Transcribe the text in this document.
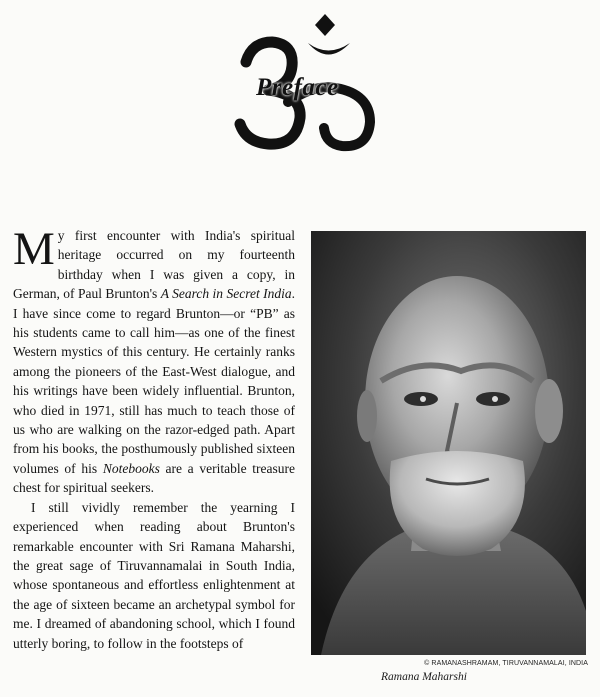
Preface

My first encounter with India's spiritual heritage occurred on my fourteenth birthday when I was given a copy, in German, of Paul Brunton's A Search in Secret India. I have since come to regard Brunton—or “PB” as his students came to call him—as one of the finest Western mystics of this century. He certainly ranks among the pioneers of the East-West dialogue, and his writings have been widely influential. Brunton, who died in 1971, still has much to teach those of us who are walking on the razor-edged path. Apart from his books, the posthumously published sixteen volumes of his Notebooks are a veritable treasure chest for spiritual seekers.

I still vividly remember the yearning I experienced when reading about Brunton's remarkable encounter with Sri Ramana Maharshi, the great sage of Tiruvannamalai in South India, whose spontaneous and effortless enlightenment at the age of sixteen became an archetypal symbol for me. I dreamed of abandoning school, which I found utterly boring, to follow in the footsteps of

© RAMANASHRAMAM, TIRUVANNAMALAI, INDIA
Ramana Maharshi
